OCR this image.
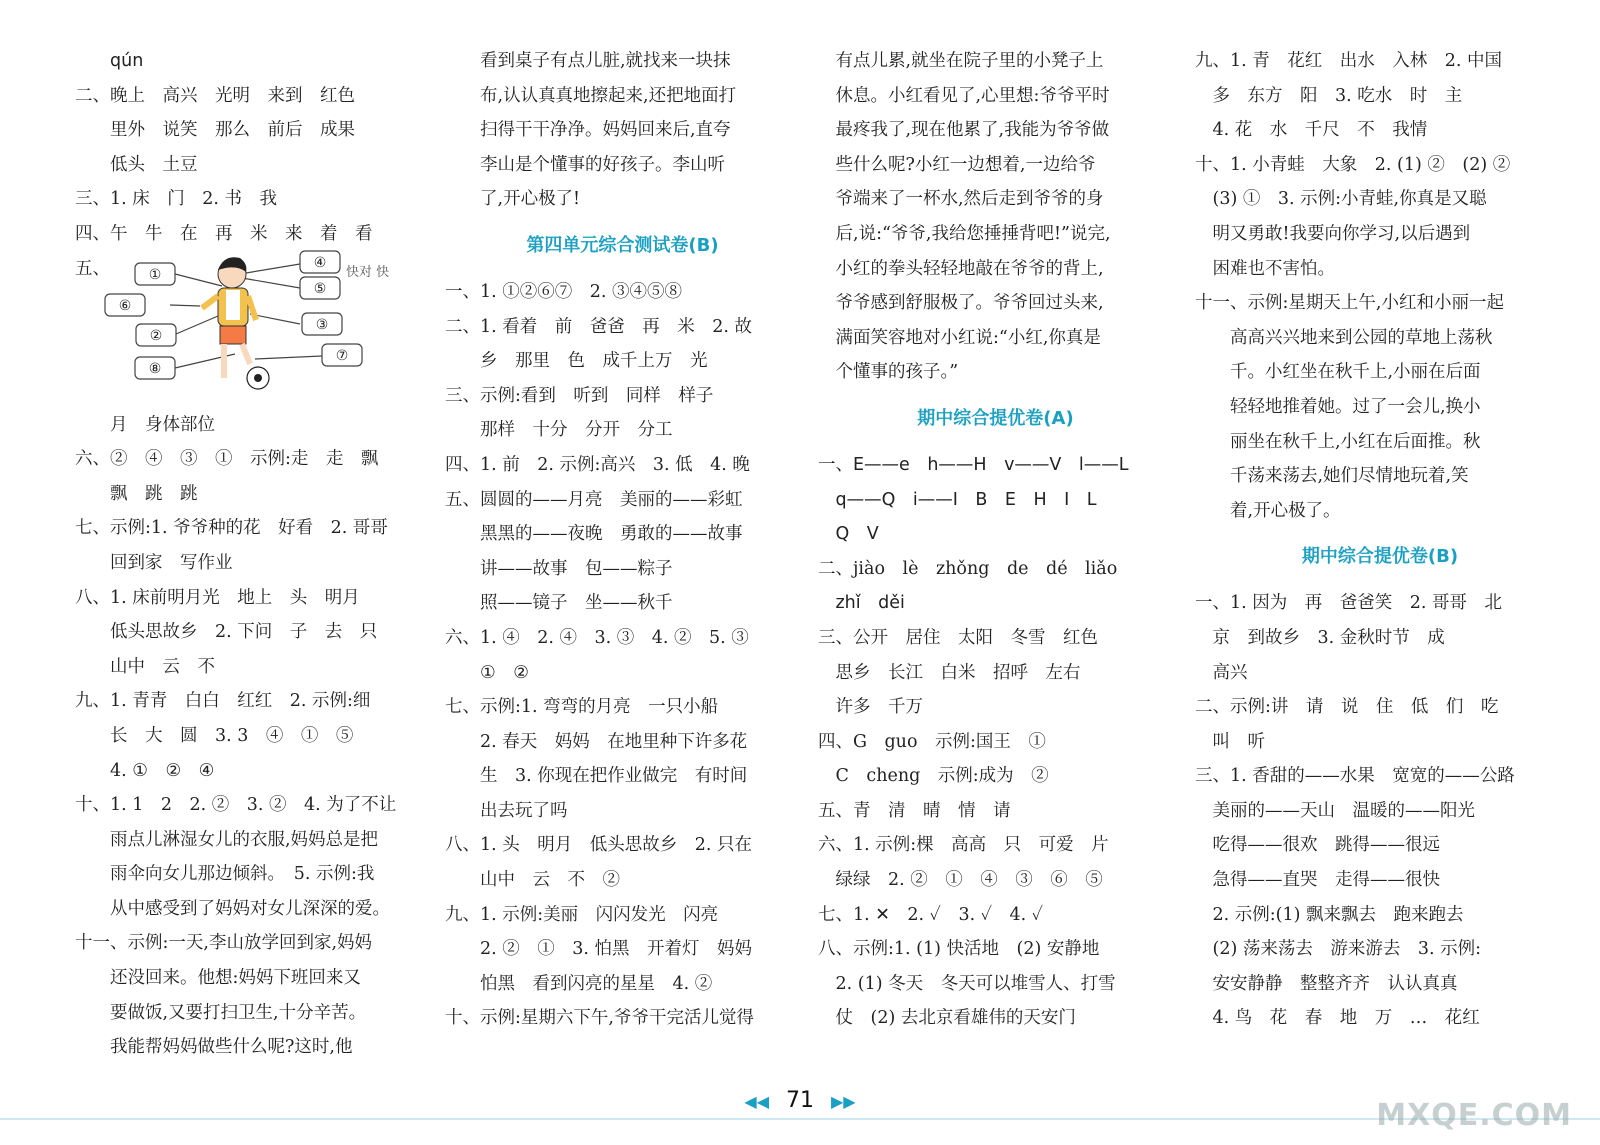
qún
二、晚上　高兴　光明　来到　红色
里外　说笑　那么　前后　成果
低头　土豆
三、1. 床　门　2. 书　我
四、午　牛　在　再　米　来　着　看
五、	①
⑥
②
⑧
④
⑤
③
⑦
快对 快
月　身体部位
六、②　④　③　①　示例:走　走　飘
飘　跳　跳
七、示例:1. 爷爷种的花　好看　2. 哥哥
回到家　写作业
八、1. 床前明月光　地上　头　明月
低头思故乡　2. 下问　子　去　只
山中　云　不
九、1. 青青　白白　红红　2. 示例:细
长　大　圆　3. 3　④　①　⑤
4. ①　②　④
十、1. 1　2　2. ②　3. ②　4. 为了不让
雨点儿淋湿女儿的衣服,妈妈总是把
雨伞向女儿那边倾斜。　5. 示例:我
从中感受到了妈妈对女儿深深的爱。
十一、示例:一天,李山放学回到家,妈妈
还没回来。他想:妈妈下班回来又
要做饭,又要打扫卫生,十分辛苦。
我能帮妈妈做些什么呢?这时,他
看到桌子有点儿脏,就找来一块抹
布,认认真真地擦起来,还把地面打
扫得干干净净。妈妈回来后,直夸
李山是个懂事的好孩子。李山听
了,开心极了!
第四单元综合测试卷(B)
一、1. ①②⑥⑦　2. ③④⑤⑧
二、1. 看着　前　爸爸　再　米　2. 故
乡　那里　色　成千上万　光
三、示例:看到　听到　同样　样子
那样　十分　分开　分工
四、1. 前　2. 示例:高兴　3. 低　4. 晚
五、圆圆的——月亮　美丽的——彩虹
黑黑的——夜晚　勇敢的——故事
讲——故事　包——粽子
照——镜子　坐——秋千
六、1. ④　2. ④　3. ③　4. ②　5. ③
①　②
七、示例:1. 弯弯的月亮　一只小船
2. 春天　妈妈　在地里种下许多花
生　3. 你现在把作业做完　有时间
出去玩了吗
八、1. 头　明月　低头思故乡　2. 只在
山中　云　不　②
九、1. 示例:美丽　闪闪发光　闪亮
2. ②　①　3. 怕黑　开着灯　妈妈
怕黑　看到闪亮的星星　4. ②
十、示例:星期六下午,爷爷干完活儿觉得
有点儿累,就坐在院子里的小凳子上
休息。小红看见了,心里想:爷爷平时
最疼我了,现在他累了,我能为爷爷做
些什么呢?小红一边想着,一边给爷
爷端来了一杯水,然后走到爷爷的身
后,说:“爷爷,我给您捶捶背吧!”说完,
小红的拳头轻轻地敲在爷爷的背上,
爷爷感到舒服极了。爷爷回过头来,
满面笑容地对小红说:“小红,你真是
个懂事的孩子。”
期中综合提优卷(A)
一、E——e　h——H　v——V　l——L
q——Q　i——I　B　E　H　I　L
Q　V
二、jiào　lè　zhǒng　de　dé　liǎo
zhǐ　děi
三、公开　居住　太阳　冬雪　红色
思乡　长江　白米　招呼　左右
许多　千万
四、G　guo　示例:国王　①
C　cheng　示例:成为　②
五、青　清　晴　情　请
六、1. 示例:棵　高高　只　可爱　片
绿绿　2. ②　①　④　③　⑥　⑤
七、1. ✕　2. ✓　3. ✓　4. ✓
八、示例:1. (1) 快活地　(2) 安静地
2. (1) 冬天　冬天可以堆雪人、打雪
仗　(2) 去北京看雄伟的天安门
九、1. 青　花红　出水　入林　2. 中国
多　东方　阳　3. 吃水　时　主
4. 花　水　千尺　不　我情
十、1. 小青蛙　大象　2. (1) ②　(2) ②
(3) ①　3. 示例:小青蛙,你真是又聪
明又勇敢!我要向你学习,以后遇到
困难也不害怕。
十一、示例:星期天上午,小红和小丽一起
高高兴兴地来到公园的草地上荡秋
千。小红坐在秋千上,小丽在后面
轻轻地推着她。过了一会儿,换小
丽坐在秋千上,小红在后面推。秋
千荡来荡去,她们尽情地玩着,笑
着,开心极了。
期中综合提优卷(B)
一、1. 因为　再　爸爸笑　2. 哥哥　北
京　到故乡　3. 金秋时节　成
高兴
二、示例:讲　请　说　住　低　们　吃
叫　听
三、1. 香甜的——水果　宽宽的——公路
美丽的——天山　温暖的——阳光
吃得——很欢　跳得——很远
急得——直哭　走得——很快
2. 示例:(1) 飘来飘去　跑来跑去
(2) 荡来荡去　游来游去　3. 示例:
安安静静　整整齐齐　认认真真
4. 鸟　花　春　地　万　…　花红
◀◀ 71 ▶▶	MXQE.COM
